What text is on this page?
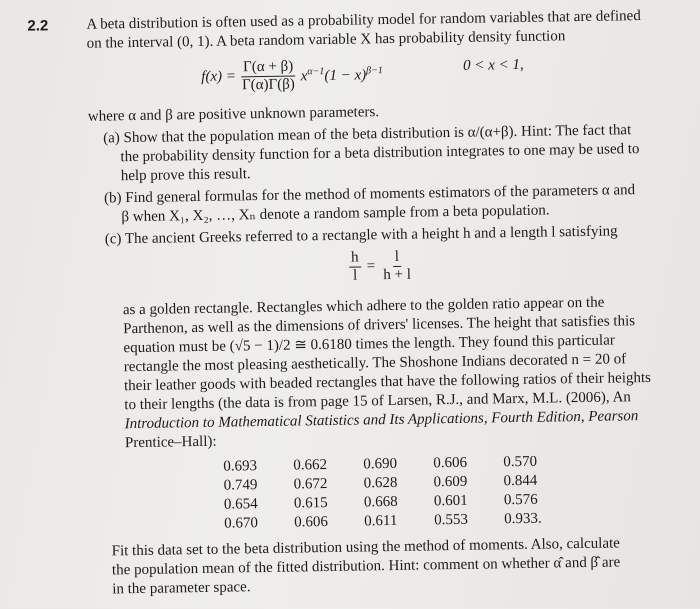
2.2	A beta distribution is often used as a probability model for random variables that are defined
on the interval (0, 1). A beta random variable X has probability density function
$f(x) = \frac{\Gamma(\alpha + \beta)}{\Gamma(\alpha)\Gamma(\beta)} x^{\alpha-1}(1 - x)^{\beta-1}$	0 < x < 1,
where α and β are positive unknown parameters.
(a) Show that the population mean of the beta distribution is α/(α+β). Hint: The fact that
the probability density function for a beta distribution integrates to one may be used to
help prove this result.
(b) Find general formulas for the method of moments estimators of the parameters α and
β when X₁, X₂, …, Xₙ denote a random sample from a beta population.
(c) The ancient Greeks referred to a rectangle with a height h and a length l satisfying
$\frac{h}{l} = \frac{l}{h + l}$
as a golden rectangle. Rectangles which adhere to the golden ratio appear on the
Parthenon, as well as the dimensions of drivers' licenses. The height that satisfies this
equation must be (√5 − 1)/2 ≅ 0.6180 times the length. They found this particular
rectangle the most pleasing aesthetically. The Shoshone Indians decorated n = 20 of
their leather goods with beaded rectangles that have the following ratios of their heights
to their lengths (the data is from page 15 of Larsen, R.J., and Marx, M.L. (2006), An
Introduction to Mathematical Statistics and Its Applications, Fourth Edition, Pearson
Prentice–Hall):
0.693	0.662	0.690	0.606	0.570
0.749	0.672	0.628	0.609	0.844
0.654	0.615	0.668	0.601	0.576
0.670	0.606	0.611	0.553	0.933.
Fit this data set to the beta distribution using the method of moments. Also, calculate
the population mean of the fitted distribution. Hint: comment on whether α̂ and β̂ are
in the parameter space.
